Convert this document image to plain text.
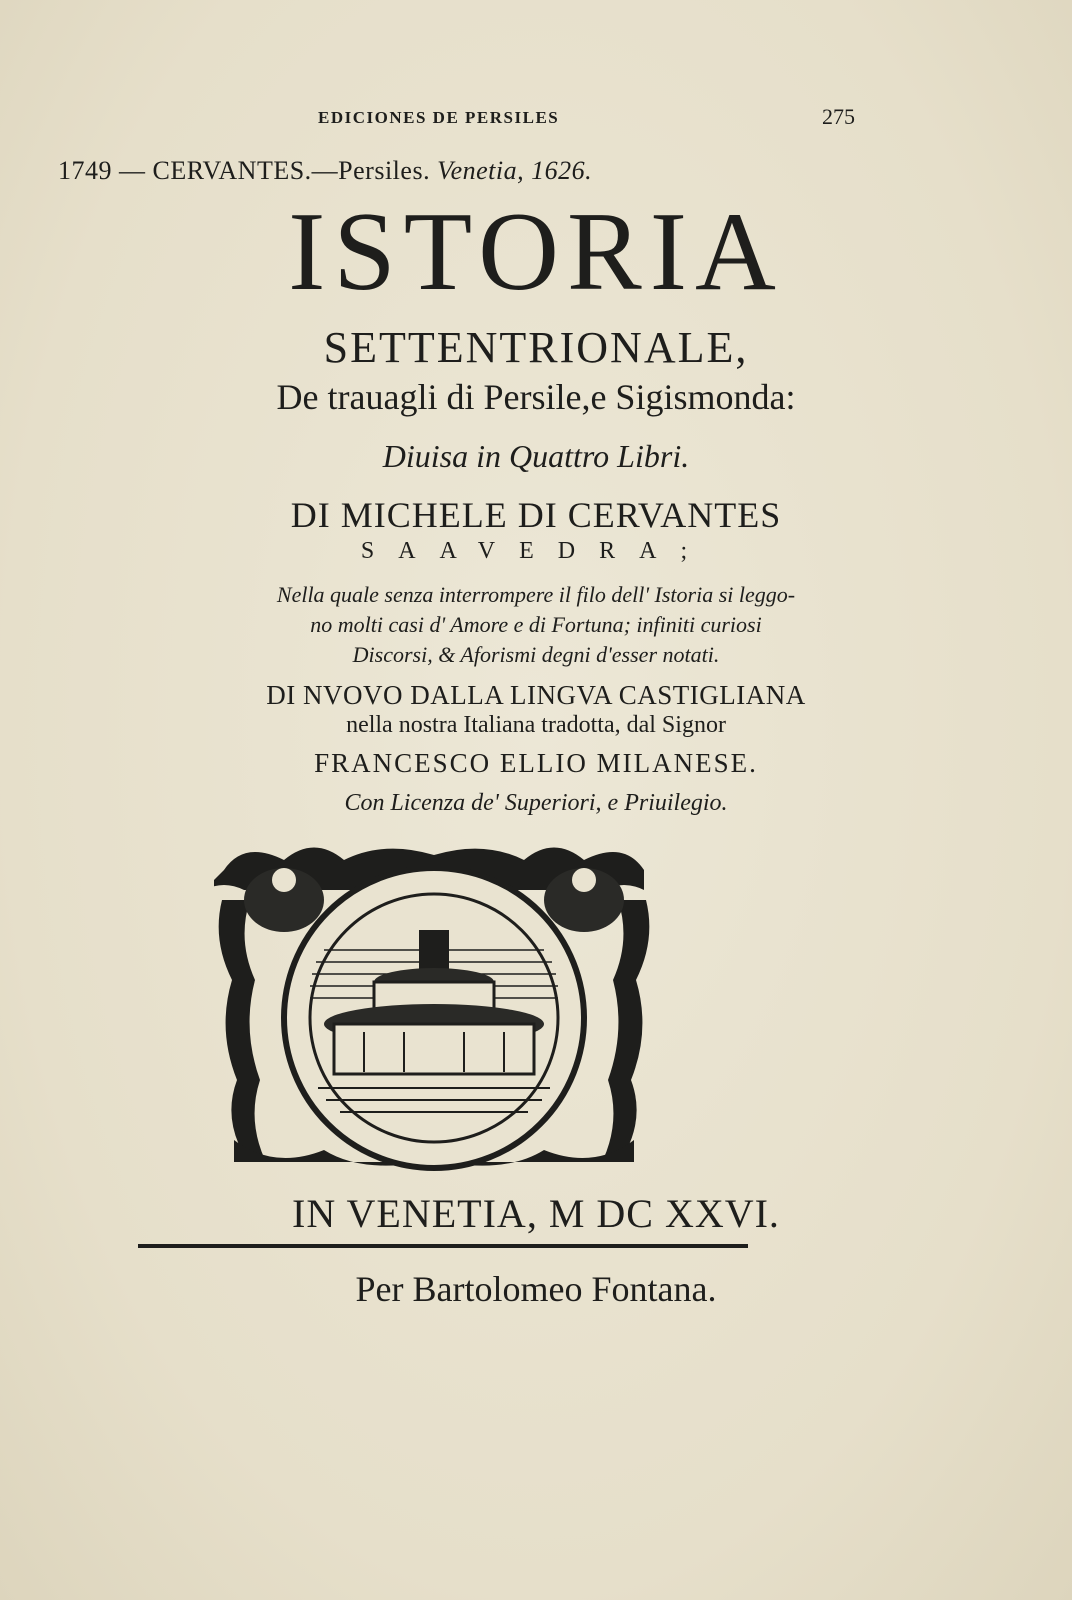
EDICIONES DE PERSILES	275
1749 — CERVANTES.—Persiles. Venetia, 1626.
ISTORIA
SETTENTRIONALE,
De trauagli di Persile,e Sigismonda:
Diuisa in Quattro Libri.
DI MICHELE DI CERVANTES
SAAVEDRA;
Nella quale senza interrompere il filo dell' Istoria si leggo-
no molti casi d' Amore e di Fortuna; infiniti curiosi
Discorsi, & Aforismi degni d'esser notati.
DI NVOVO DALLA LINGVA CASTIGLIANA
nella nostra Italiana tradotta, dal Signor
FRANCESCO ELLIO MILANESE.
Con Licenza de' Superiori, e Priuilegio.
IN VENETIA, M DC XXVI.
Per Bartolomeo Fontana.
